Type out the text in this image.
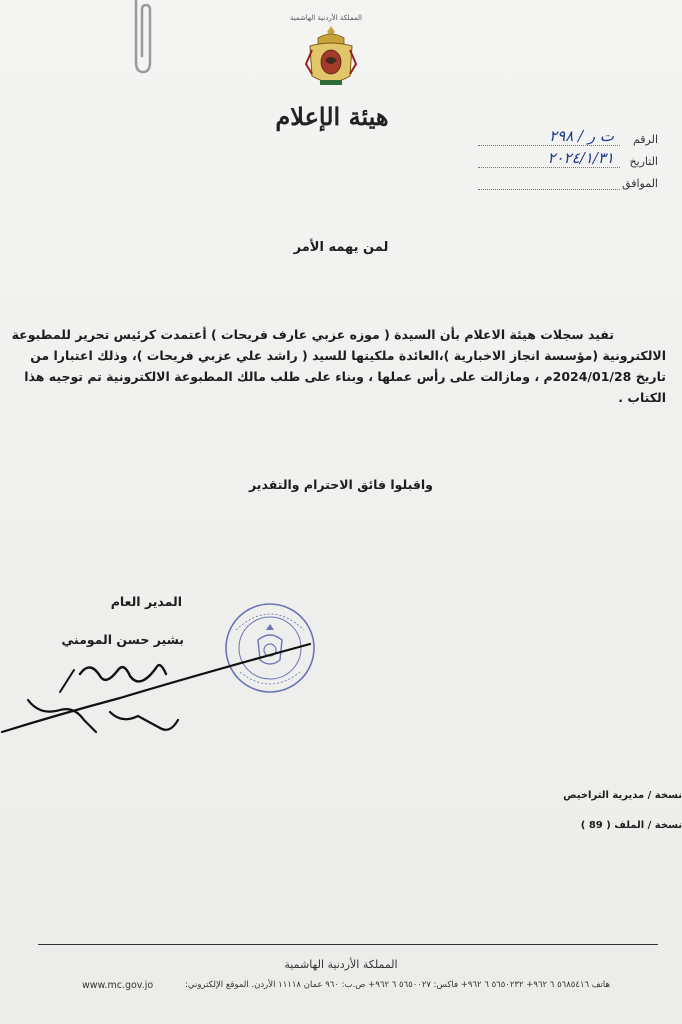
المملكة الأردنية الهاشمية
هيئة الإعلام
الرقم
ت ر / ٢٩٨
التاريخ
٢٠٢٤/١/٣١
الموافق
لمن يهمه الأمر

تفيد سجلات هيئة الاعلام بأن السيدة ( موزه عزبي عارف فريحات ) أعتمدت كرئيس تحرير للمطبوعة

الالكترونية (مؤسسة انجاز الاخبارية )،العائدة ملكيتها للسيد ( راشد علي عزبي فريحات )، وذلك اعتبارا من

تاريخ 2024/01/28م ، ومازالت على رأس عملها ، وبناء على طلب مالك المطبوعة الالكترونية تم توجيه هذا

الكتاب .

واقبلوا فائق الاحترام والتقدير
المدير العام
بشير حسن المومني
نسخة / مديرية التراخيص
نسخة / الملف ( 89 )
المملكة الأردنية الهاشمية
هاتف ٥٦٨٥٤١٦ ٦ ٩٦٢+ ٥٦٥٠٢٣٢ ٦ ٩٦٢+ فاكس: ٥٦٥٠٠٢٧ ٦ ٩٦٢+ ص.ب: ٩٦٠ عمان ١١١١٨ الأردن. الموقع الإلكتروني:
www.mc.gov.jo
